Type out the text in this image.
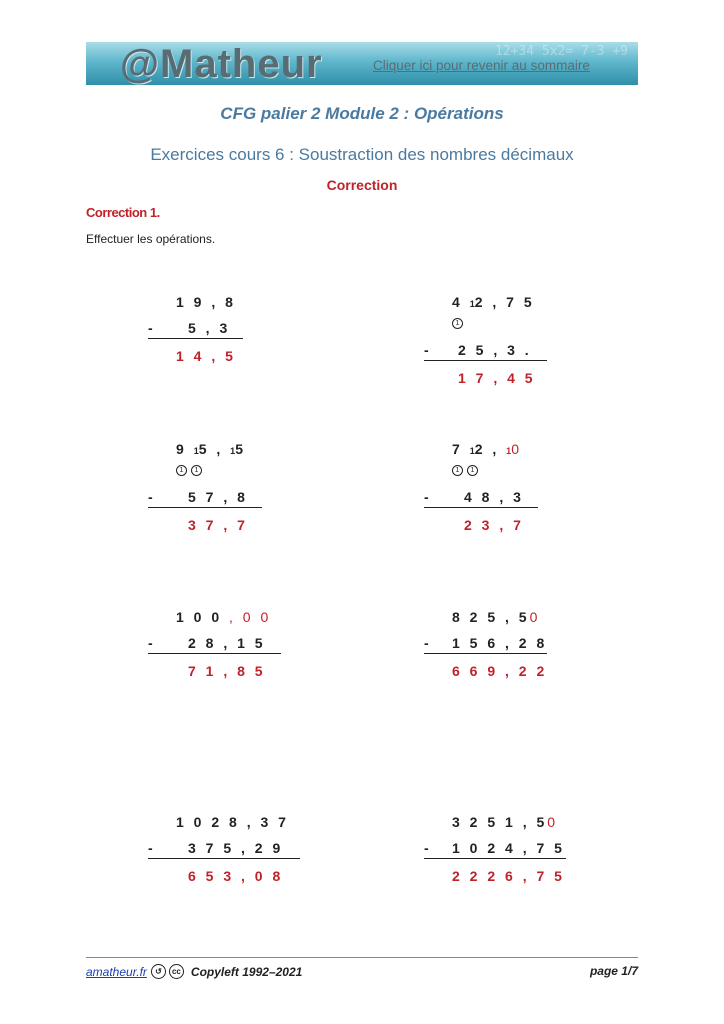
12+34 5x2= 7-3 +9
@Matheur	Cliquer ici pour revenir au sommaire
CFG palier 2 Module 2 : Opérations
Exercices cours 6 : Soustraction des nombres décimaux
Correction
Correction 1.
Effectuer les opérations.
1 9 , 8
- 5 , 3
1 4 , 5
4 12 , 7 5
1
- 2 5 , 3 .
1 7 , 4 5
9 15 , 15
1 1
- 5 7 , 8
3 7 , 7
7 12 , 10
1 1
- 4 8 , 3
2 3 , 7
1 0 0 , 0 0
- 2 8 , 1 5
7 1 , 8 5
8 2 5 , 50
- 1 5 6 , 2 8
6 6 9 , 2 2
1 0 2 8 , 3 7
- 3 7 5 , 2 9
6 5 3 , 0 8
3 2 5 1 , 50
- 1 0 2 4 , 7 5
2 2 2 6 , 7 5
amatheur.fr	↺	cc Copyleft 1992–2021	page 1/7
